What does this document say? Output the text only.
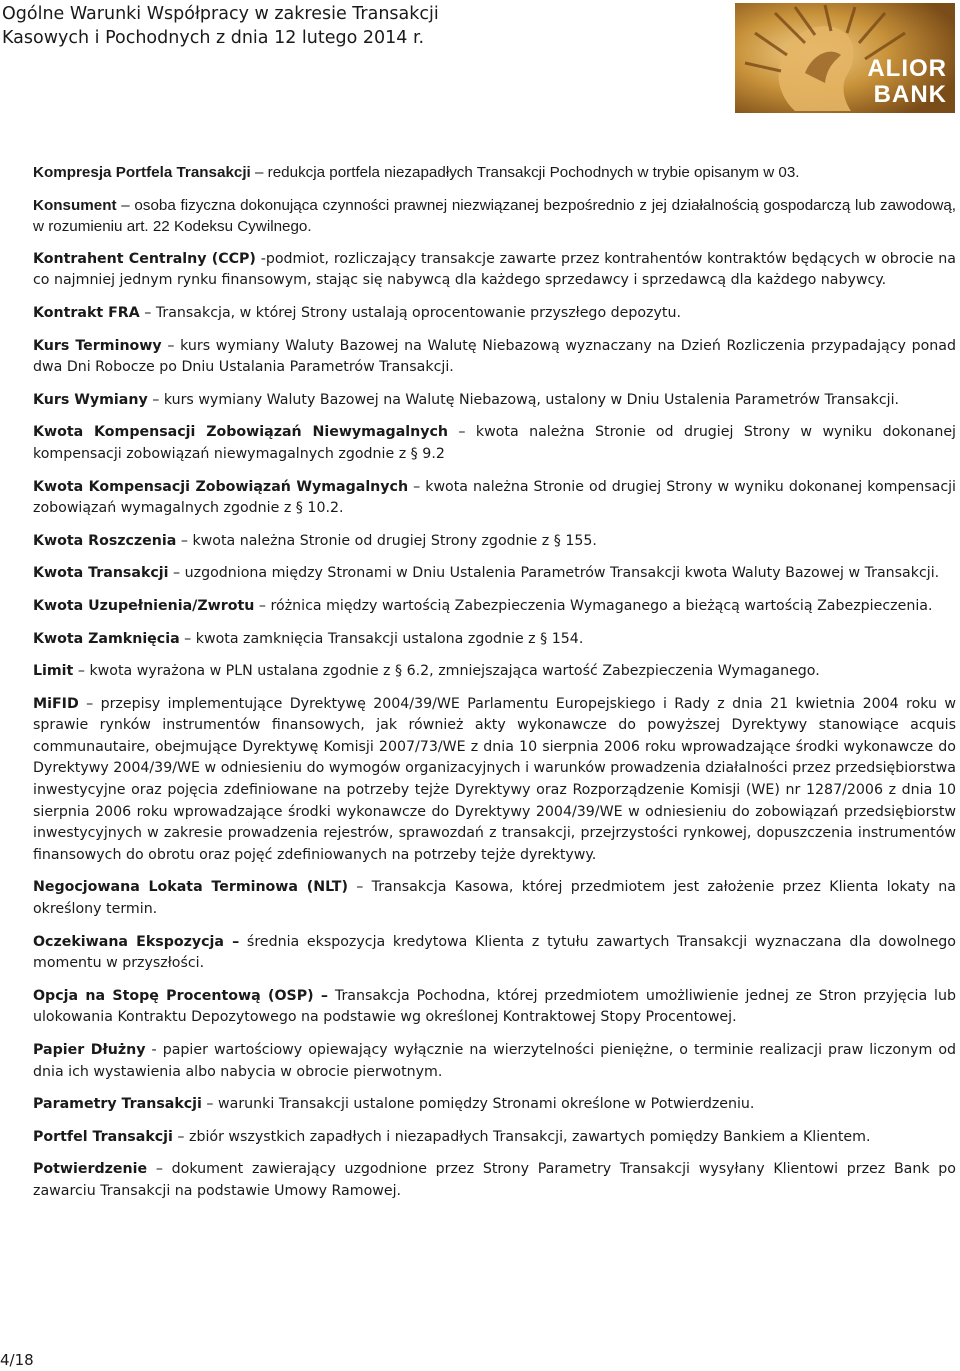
Ogólne Warunki Współpracy w zakresie Transakcji
Kasowych i Pochodnych z dnia 12 lutego 2014 r.
ALIOR
BANK

Kompresja Portfela Transakcji – redukcja portfela niezapadłych Transakcji Pochodnych w trybie opisanym w 03.

Konsument – osoba fizyczna dokonująca czynności prawnej niezwiązanej bezpośrednio z jej działalnością gospodarczą lub zawodową, w rozumieniu art. 22 Kodeksu Cywilnego.

Kontrahent Centralny (CCP) -podmiot, rozliczający transakcje zawarte przez kontrahentów kontraktów będących w obrocie na co najmniej jednym rynku finansowym, stając się nabywcą dla każdego sprzedawcy i sprzedawcą dla każdego nabywcy.

Kontrakt FRA – Transakcja, w której Strony ustalają oprocentowanie przyszłego depozytu.

Kurs Terminowy – kurs wymiany Waluty Bazowej na Walutę Niebazową wyznaczany na Dzień Rozliczenia przypadający ponad dwa Dni Robocze po Dniu Ustalania Parametrów Transakcji.

Kurs Wymiany – kurs wymiany Waluty Bazowej na Walutę Niebazową, ustalony w Dniu Ustalenia Parametrów Transakcji.

Kwota Kompensacji Zobowiązań Niewymagalnych – kwota należna Stronie od drugiej Strony w wyniku dokonanej kompensacji zobowiązań niewymagalnych zgodnie z § 9.2

Kwota Kompensacji Zobowiązań Wymagalnych – kwota należna Stronie od drugiej Strony w wyniku dokonanej kompensacji zobowiązań wymagalnych zgodnie z § 10.2.

Kwota Roszczenia – kwota należna Stronie od drugiej Strony zgodnie z § 155.

Kwota Transakcji – uzgodniona między Stronami w Dniu Ustalenia Parametrów Transakcji kwota Waluty Bazowej w Transakcji.

Kwota Uzupełnienia/Zwrotu – różnica między wartością Zabezpieczenia Wymaganego a bieżącą wartością Zabezpieczenia.

Kwota Zamknięcia – kwota zamknięcia Transakcji ustalona zgodnie z § 154.

Limit – kwota wyrażona w PLN ustalana zgodnie z § 6.2, zmniejszająca wartość Zabezpieczenia Wymaganego.

MiFID – przepisy implementujące Dyrektywę 2004/39/WE Parlamentu Europejskiego i Rady z dnia 21 kwietnia 2004 roku w sprawie rynków instrumentów finansowych, jak również akty wykonawcze do powyższej Dyrektywy stanowiące acquis communautaire, obejmujące Dyrektywę Komisji 2007/73/WE z dnia 10 sierpnia 2006 roku wprowadzające środki wykonawcze do Dyrektywy 2004/39/WE w odniesieniu do wymogów organizacyjnych i warunków prowadzenia działalności przez przedsiębiorstwa inwestycyjne oraz pojęcia zdefiniowane na potrzeby tejże Dyrektywy oraz Rozporządzenie Komisji (WE) nr 1287/2006 z dnia 10 sierpnia 2006 roku wprowadzające środki wykonawcze do Dyrektywy 2004/39/WE w odniesieniu do zobowiązań przedsiębiorstw inwestycyjnych w zakresie prowadzenia rejestrów, sprawozdań z transakcji, przejrzystości rynkowej, dopuszczenia instrumentów finansowych do obrotu oraz pojęć zdefiniowanych na potrzeby tejże dyrektywy.

Negocjowana Lokata Terminowa (NLT) – Transakcja Kasowa, której przedmiotem jest założenie przez Klienta lokaty na określony termin.

Oczekiwana Ekspozycja – średnia ekspozycja kredytowa Klienta z tytułu zawartych Transakcji wyznaczana dla dowolnego momentu w przyszłości.

Opcja na Stopę Procentową (OSP) – Transakcja Pochodna, której przedmiotem umożliwienie jednej ze Stron przyjęcia lub ulokowania Kontraktu Depozytowego na podstawie wg określonej Kontraktowej Stopy Procentowej.

Papier Dłużny - papier wartościowy opiewający wyłącznie na wierzytelności pieniężne, o terminie realizacji praw liczonym od dnia ich wystawienia albo nabycia w obrocie pierwotnym.

Parametry Transakcji – warunki Transakcji ustalone pomiędzy Stronami określone w Potwierdzeniu.

Portfel Transakcji – zbiór wszystkich zapadłych i niezapadłych Transakcji, zawartych pomiędzy Bankiem a Klientem.

Potwierdzenie – dokument zawierający uzgodnione przez Strony Parametry Transakcji wysyłany Klientowi przez Bank po zawarciu Transakcji na podstawie Umowy Ramowej.

4/18
